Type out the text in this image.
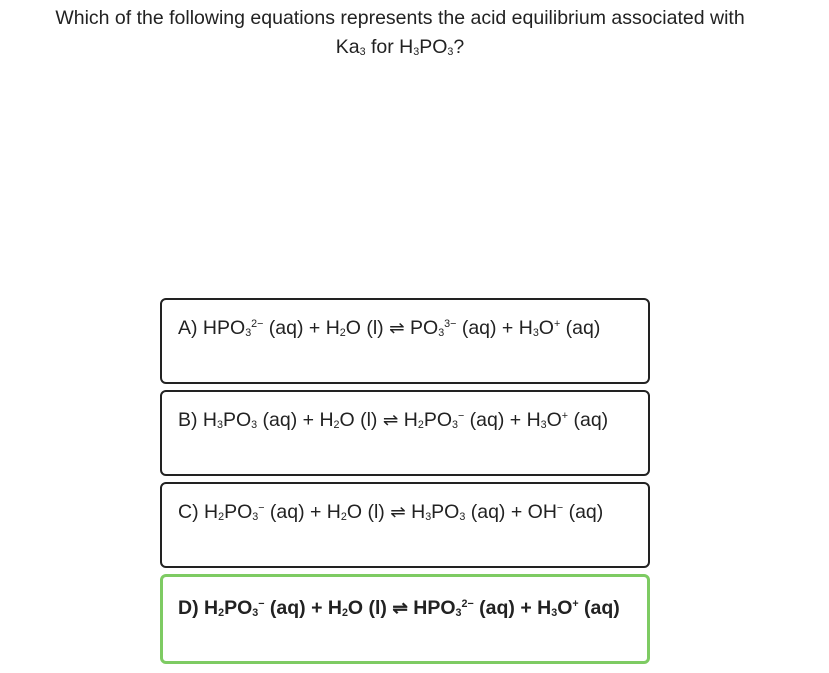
Which of the following equations represents the acid equilibrium associated with
$Ka_3$ for $H_3PO_3$?
A) $HPO_3^{2-}$ $(aq) + H_2O$ (l) ⇌ $PO_3^{3-}$ $(aq) + H_3O^+$ (aq)
B) $H_3PO_3$ $(aq) + H_2O$ (l) ⇌ $H_2PO_3^-$ $(aq) + H_3O^+$ (aq)
C) $H_2PO_3^-$ $(aq) + H_2O$ (l) ⇌ $H_3PO_3$ (aq) + OH− (aq)
D) $H_2PO_3^-$ $(aq) + H_2O$ (l) ⇌ $HPO_3^{2-}$ $(aq) + H_3O^+$ (aq)
